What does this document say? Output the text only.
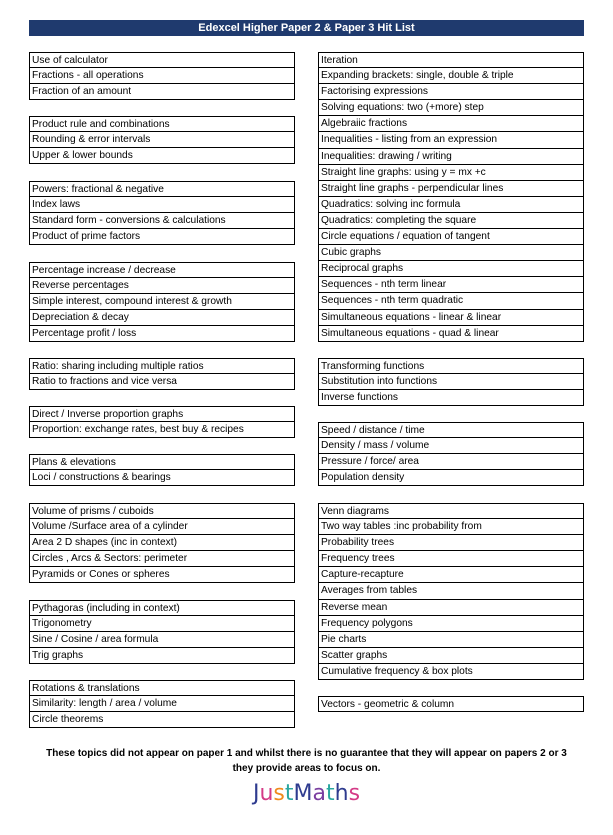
Edexcel Higher Paper 2 & Paper 3 Hit List
Use of calculator
Fractions - all operations
Fraction of an amount
Product rule and combinations
Rounding & error intervals
Upper & lower bounds
Powers: fractional & negative
Index laws
Standard form - conversions & calculations
Product of prime factors
Percentage increase / decrease
Reverse percentages
Simple interest, compound interest & growth
Depreciation & decay
Percentage profit / loss
Ratio: sharing including multiple ratios
Ratio to fractions and vice versa
Direct / Inverse proportion graphs
Proportion: exchange rates, best buy & recipes
Plans & elevations
Loci / constructions & bearings
Volume of prisms / cuboids
Volume /Surface area of a cylinder
Area 2 D shapes (inc in context)
Circles , Arcs & Sectors: perimeter
Pyramids or Cones or spheres
Pythagoras (including in context)
Trigonometry
Sine / Cosine / area formula
Trig graphs
Rotations & translations
Similarity: length / area / volume
Circle theorems
Iteration
Expanding brackets: single, double & triple
Factorising expressions
Solving equations: two (+more) step
Algebraiic fractions
Inequalities - listing from an expression
Inequalities: drawing / writing
Straight line graphs: using y = mx +c
Straight line graphs - perpendicular lines
Quadratics: solving inc formula
Quadratics: completing the square
Circle equations / equation of tangent
Cubic graphs
Reciprocal graphs
Sequences - nth term linear
Sequences - nth term quadratic
Simultaneous equations - linear & linear
Simultaneous equations - quad & linear
Transforming functions
Substitution into functions
Inverse functions
Speed / distance / time
Density / mass / volume
Pressure / force/ area
Population density
Venn diagrams
Two way tables :inc probability from
Probability trees
Frequency trees
Capture-recapture
Averages from tables
Reverse mean
Frequency polygons
Pie charts
Scatter graphs
Cumulative frequency & box plots
Vectors - geometric & column
These topics did not appear on paper 1 and whilst there is no guarantee that they will appear on papers 2 or 3
they provide areas to focus on.
JustMaths
